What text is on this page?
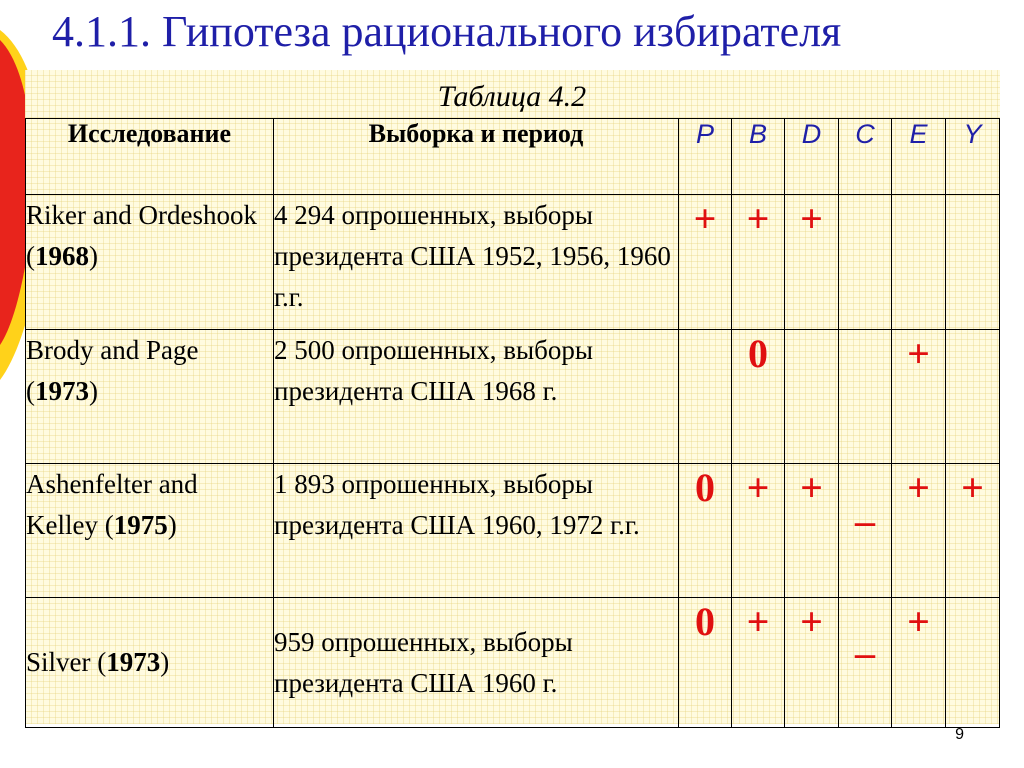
4.1.1. Гипотеза рационального избирателя
Таблица 4.2
Исследование	Выборка и период	P	B	D	C	E	Y
Riker and Ordeshook (1968)	4 294 опрошенных, выборы президента США 1952, 1956, 1960 г.г.	+	+	+			
Brody and Page (1973)	2 500 опрошенных, выборы президента США 1968 г.		0			+	
Ashenfelter and Kelley (1975)	1 893 опрошенных, выборы президента США 1960, 1972 г.г.	0	+	+	–	+	+
Silver (1973)	959 опрошенных, выборы президента США 1960 г.	0	+	+	–	+	
9
